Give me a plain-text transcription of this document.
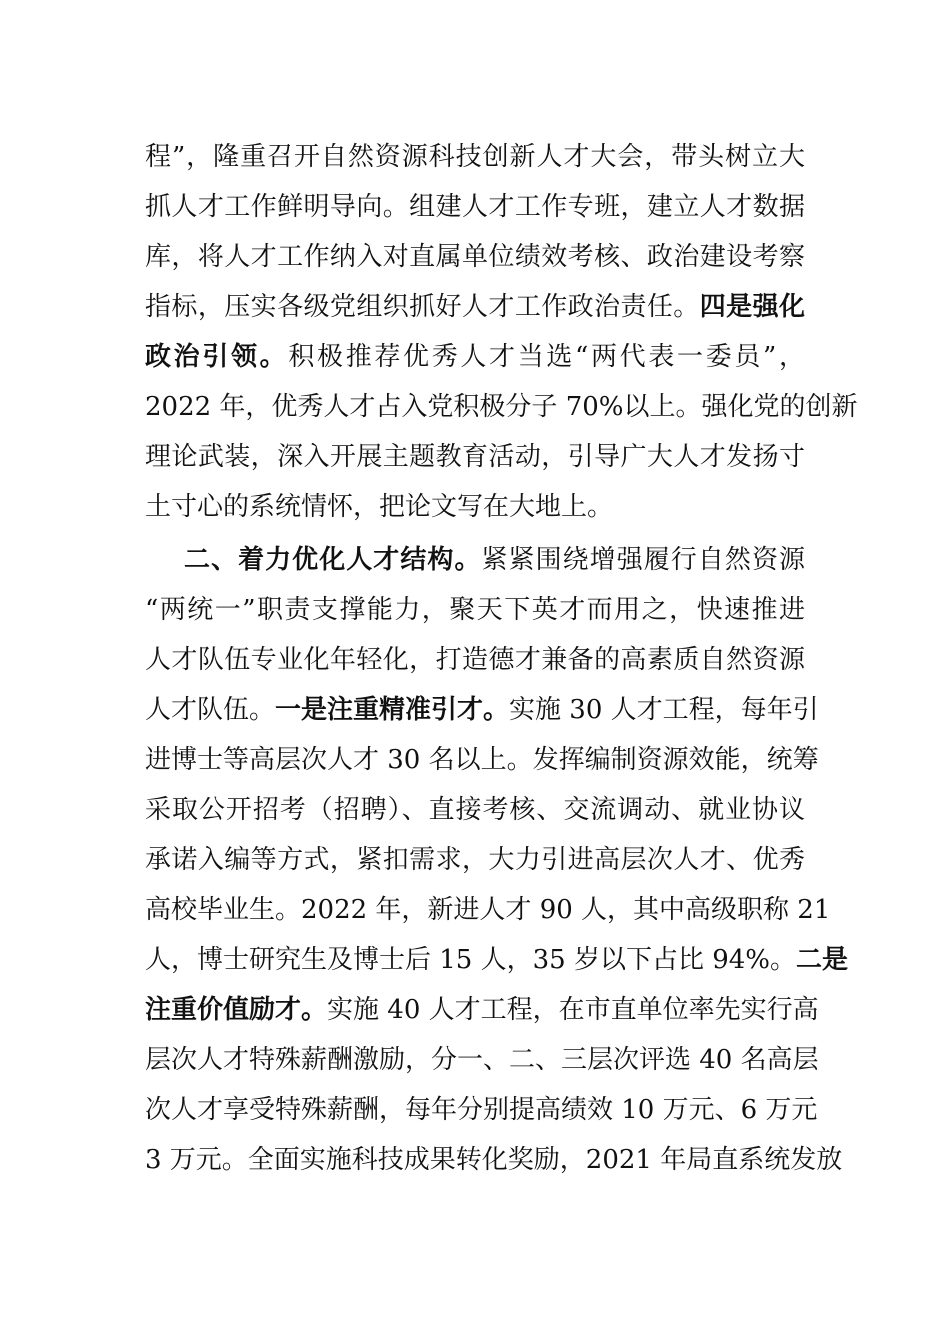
程”，隆重召开自然资源科技创新人才大会，带头树立大
抓人才工作鲜明导向。组建人才工作专班，建立人才数据
库，将人才工作纳入对直属单位绩效考核、政治建设考察
指标，压实各级党组织抓好人才工作政治责任。四是强化
政治引领。积极推荐优秀人才当选“两代表一委员”，
2022 年，优秀人才占入党积极分子 70%以上。强化党的创新
理论武装，深入开展主题教育活动，引导广大人才发扬寸
土寸心的系统情怀，把论文写在大地上。
二、着力优化人才结构。紧紧围绕增强履行自然资源
“两统一”职责支撑能力，聚天下英才而用之，快速推进
人才队伍专业化年轻化，打造德才兼备的高素质自然资源
人才队伍。一是注重精准引才。实施 30 人才工程，每年引
进博士等高层次人才 30 名以上。发挥编制资源效能，统筹
采取公开招考（招聘）、直接考核、交流调动、就业协议
承诺入编等方式，紧扣需求，大力引进高层次人才、优秀
高校毕业生。2022 年，新进人才 90 人，其中高级职称 21
人，博士研究生及博士后 15 人，35 岁以下占比 94%。二是
注重价值励才。实施 40 人才工程，在市直单位率先实行高
层次人才特殊薪酬激励，分一、二、三层次评选 40 名高层
次人才享受特殊薪酬，每年分别提高绩效 10 万元、6 万元
3 万元。全面实施科技成果转化奖励，2021 年局直系统发放
